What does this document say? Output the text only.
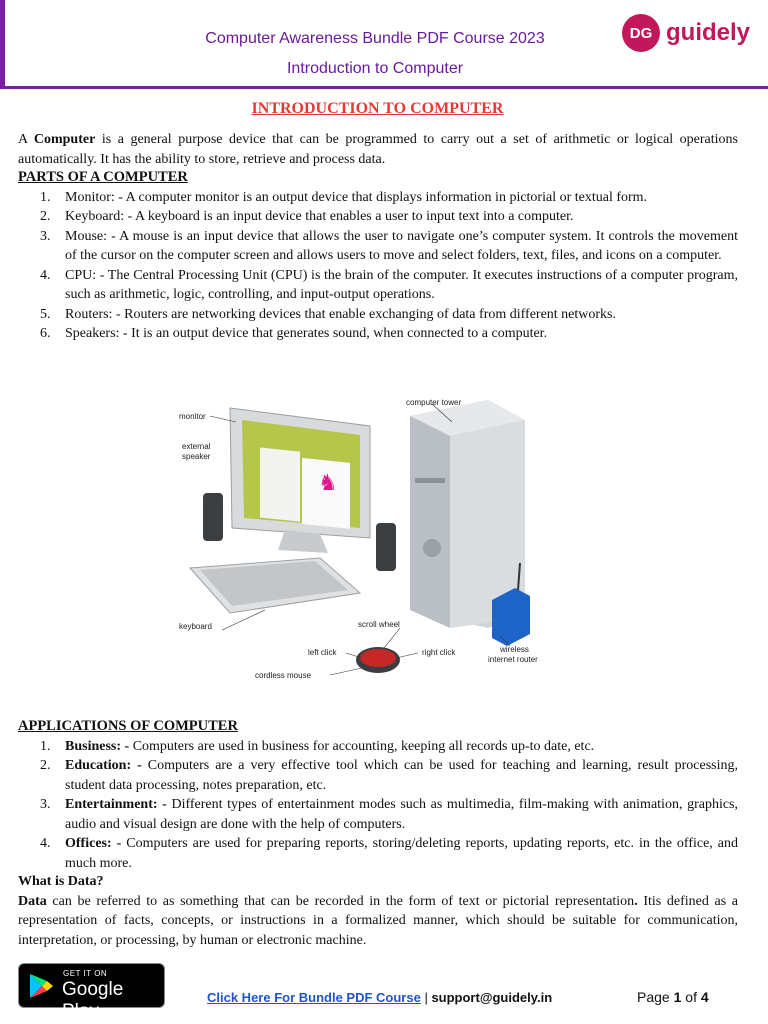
Computer Awareness Bundle PDF Course 2023
Introduction to Computer
DG guidely
INTRODUCTION TO COMPUTER
A Computer is a general purpose device that can be programmed to carry out a set of arithmetic or logical operations automatically. It has the ability to store, retrieve and process data.
PARTS OF A COMPUTER
1. Monitor: - A computer monitor is an output device that displays information in pictorial or textual form.
2. Keyboard: - A keyboard is an input device that enables a user to input text into a computer.
3. Mouse: - A mouse is an input device that allows the user to navigate one’s computer system. It controls the movement of the cursor on the computer screen and allows users to move and select folders, text, files, and icons on a computer.
4. CPU: - The Central Processing Unit (CPU) is the brain of the computer. It executes instructions of a computer program, such as arithmetic, logic, controlling, and input-output operations.
5. Routers: - Routers are networking devices that enable exchanging of data from different networks.
6. Speakers: - It is an output device that generates sound, when connected to a computer.
♞
monitor
external
speaker
computer tower
keyboard	scroll wheel
left click	right click
cordless mouse
wireless
internet router
APPLICATIONS OF COMPUTER
1. Business: - Computers are used in business for accounting, keeping all records up-to date, etc.
2. Education: - Computers are a very effective tool which can be used for teaching and learning, result processing, student data processing, notes preparation, etc.
3. Entertainment: - Different types of entertainment modes such as multimedia, film-making with animation, graphics, audio and visual design are done with the help of computers.
4. Offices: - Computers are used for preparing reports, storing/deleting reports, updating reports, etc. in the office, and much more.
What is Data?
Data can be referred to as something that can be recorded in the form of text or pictorial representation. Itis defined as a representation of facts, concepts, or instructions in a formalized manner, which should be suitable for communication, interpretation, or processing, by human or electronic machine.
GET IT ON
Google Play
Click Here For Bundle PDF Course | support@guidely.in	Page 1 of 4
